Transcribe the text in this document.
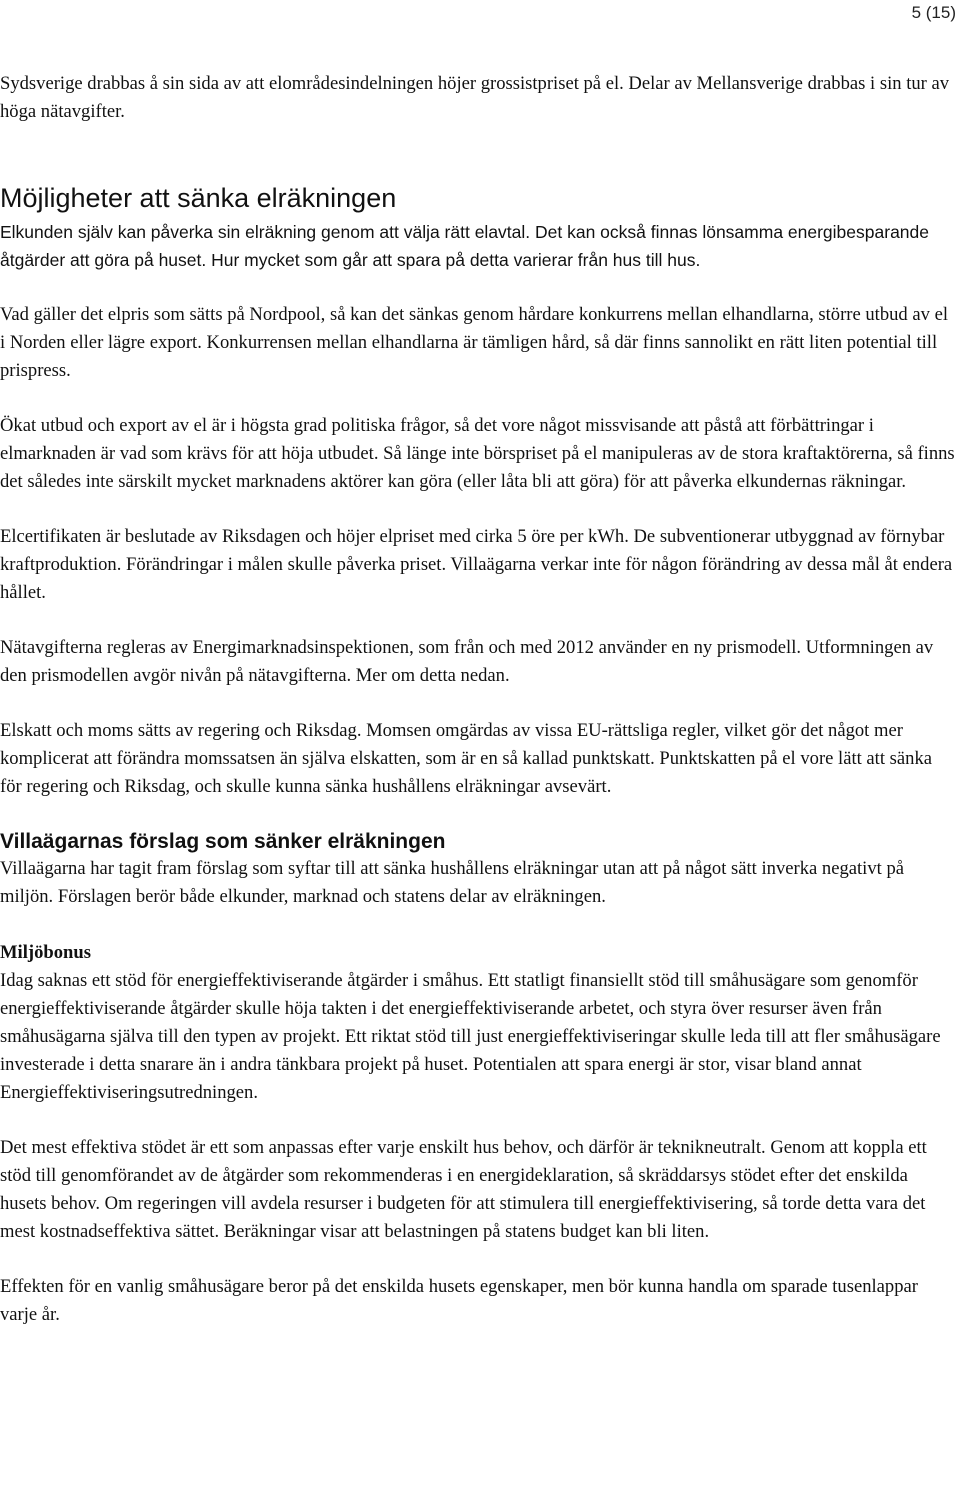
5 (15)

Sydsverige drabbas å sin sida av att elområdesindelningen höjer grossistpriset på el. Delar av Mellansverige drabbas i sin tur av höga nätavgifter.

Möjligheter att sänka elräkningen

Elkunden själv kan påverka sin elräkning genom att välja rätt elavtal. Det kan också finnas lönsamma energibesparande åtgärder att göra på huset. Hur mycket som går att spara på detta varierar från hus till hus.

Vad gäller det elpris som sätts på Nordpool, så kan det sänkas genom hårdare konkurrens mellan elhandlarna, större utbud av el i Norden eller lägre export. Konkurrensen mellan elhandlarna är tämligen hård, så där finns sannolikt en rätt liten potential till prispress.

Ökat utbud och export av el är i högsta grad politiska frågor, så det vore något missvisande att påstå att förbättringar i elmarknaden är vad som krävs för att höja utbudet. Så länge inte börspriset på el manipuleras av de stora kraftaktörerna, så finns det således inte särskilt mycket marknadens aktörer kan göra (eller låta bli att göra) för att påverka elkundernas räkningar.

Elcertifikaten är beslutade av Riksdagen och höjer elpriset med cirka 5 öre per kWh. De subventionerar utbyggnad av förnybar kraftproduktion. Förändringar i målen skulle påverka priset. Villaägarna verkar inte för någon förändring av dessa mål åt endera hållet.

Nätavgifterna regleras av Energimarknadsinspektionen, som från och med 2012 använder en ny prismodell. Utformningen av den prismodellen avgör nivån på nätavgifterna. Mer om detta nedan.

Elskatt och moms sätts av regering och Riksdag. Momsen omgärdas av vissa EU-rättsliga regler, vilket gör det något mer komplicerat att förändra momssatsen än själva elskatten, som är en så kallad punktskatt. Punktskatten på el vore lätt att sänka för regering och Riksdag, och skulle kunna sänka hushållens elräkningar avsevärt.

Villaägarnas förslag som sänker elräkningen

Villaägarna har tagit fram förslag som syftar till att sänka hushållens elräkningar utan att på något sätt inverka negativt på miljön. Förslagen berör både elkunder, marknad och statens delar av elräkningen.

Miljöbonus

Idag saknas ett stöd för energieffektiviserande åtgärder i småhus. Ett statligt finansiellt stöd till småhusägare som genomför energieffektiviserande åtgärder skulle höja takten i det energieffektiviserande arbetet, och styra över resurser även från småhusägarna själva till den typen av projekt. Ett riktat stöd till just energieffektiviseringar skulle leda till att fler småhusägare investerade i detta snarare än i andra tänkbara projekt på huset. Potentialen att spara energi är stor, visar bland annat Energieffektiviseringsutredningen.

Det mest effektiva stödet är ett som anpassas efter varje enskilt hus behov, och därför är teknikneutralt. Genom att koppla ett stöd till genomförandet av de åtgärder som rekommenderas i en energideklaration, så skräddarsys stödet efter det enskilda husets behov. Om regeringen vill avdela resurser i budgeten för att stimulera till energieffektivisering, så torde detta vara det mest kostnadseffektiva sättet. Beräkningar visar att belastningen på statens budget kan bli liten.

Effekten för en vanlig småhusägare beror på det enskilda husets egenskaper, men bör kunna handla om sparade tusenlappar varje år.
